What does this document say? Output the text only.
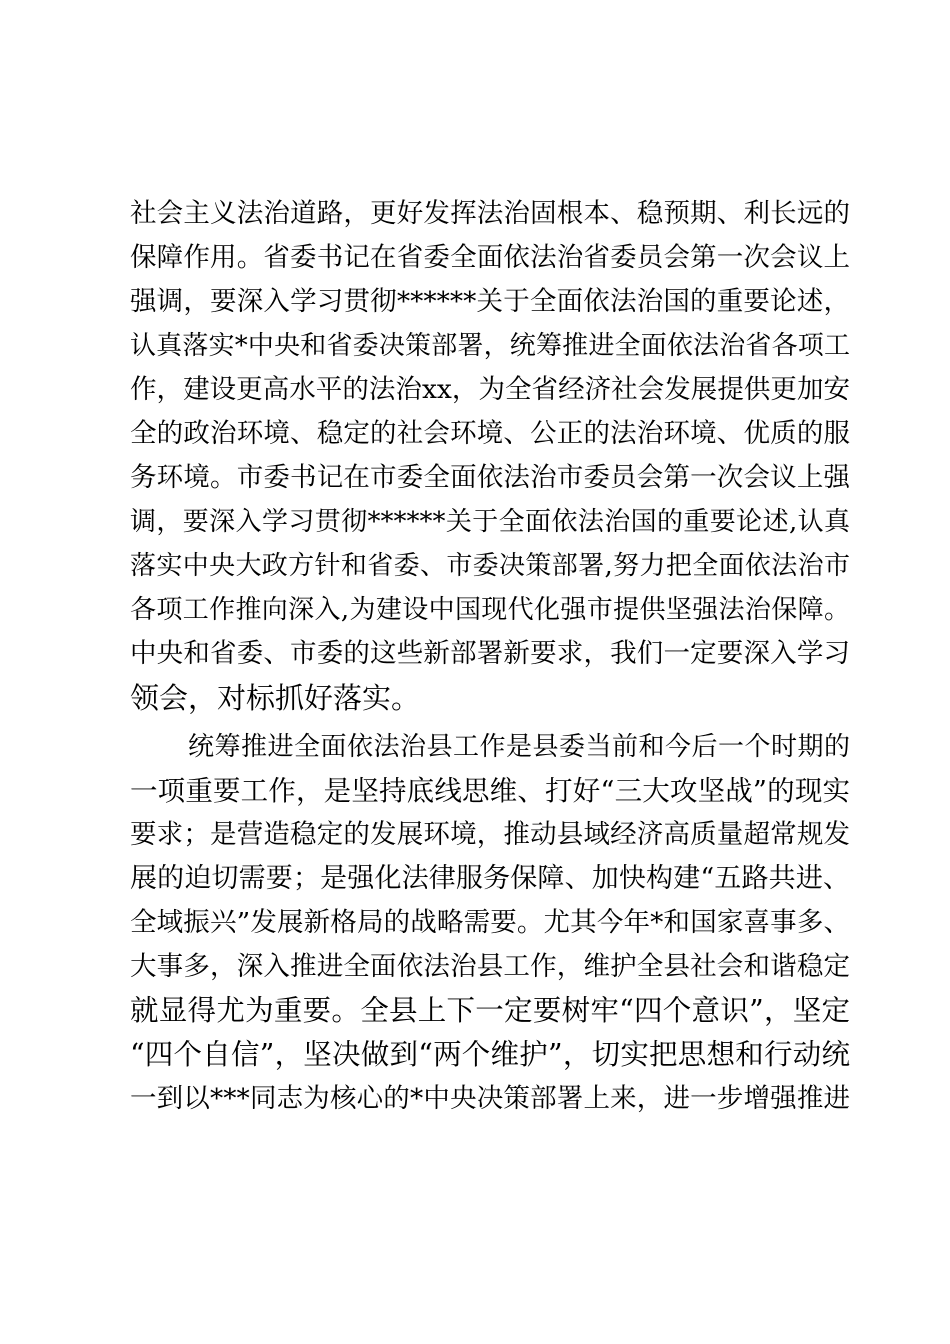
社会主义法治道路，更好发挥法治固根本、稳预期、利长远的
保障作用。省委书记在省委全面依法治省委员会第一次会议上
强调，要深入学习贯彻******关于全面依法治国的重要论述，
认真落实*中央和省委决策部署，统筹推进全面依法治省各项工
作，建设更高水平的法治xx，为全省经济社会发展提供更加安
全的政治环境、稳定的社会环境、公正的法治环境、优质的服
务环境。市委书记在市委全面依法治市委员会第一次会议上强
调，要深入学习贯彻******关于全面依法治国的重要论述,认真
落实中央大政方针和省委、市委决策部署,努力把全面依法治市
各项工作推向深入,为建设中国现代化强市提供坚强法治保障。
中央和省委、市委的这些新部署新要求，我们一定要深入学习
领会，对标抓好落实。
统筹推进全面依法治县工作是县委当前和今后一个时期的
一项重要工作，是坚持底线思维、打好“三大攻坚战”的现实
要求；是营造稳定的发展环境，推动县域经济高质量超常规发
展的迫切需要；是强化法律服务保障、加快构建“五路共进、
全域振兴”发展新格局的战略需要。尤其今年*和国家喜事多、
大事多，深入推进全面依法治县工作，维护全县社会和谐稳定
就显得尤为重要。全县上下一定要树牢“四个意识”，坚定
“四个自信”，坚决做到“两个维护”，切实把思想和行动统
一到以***同志为核心的*中央决策部署上来，进一步增强推进
